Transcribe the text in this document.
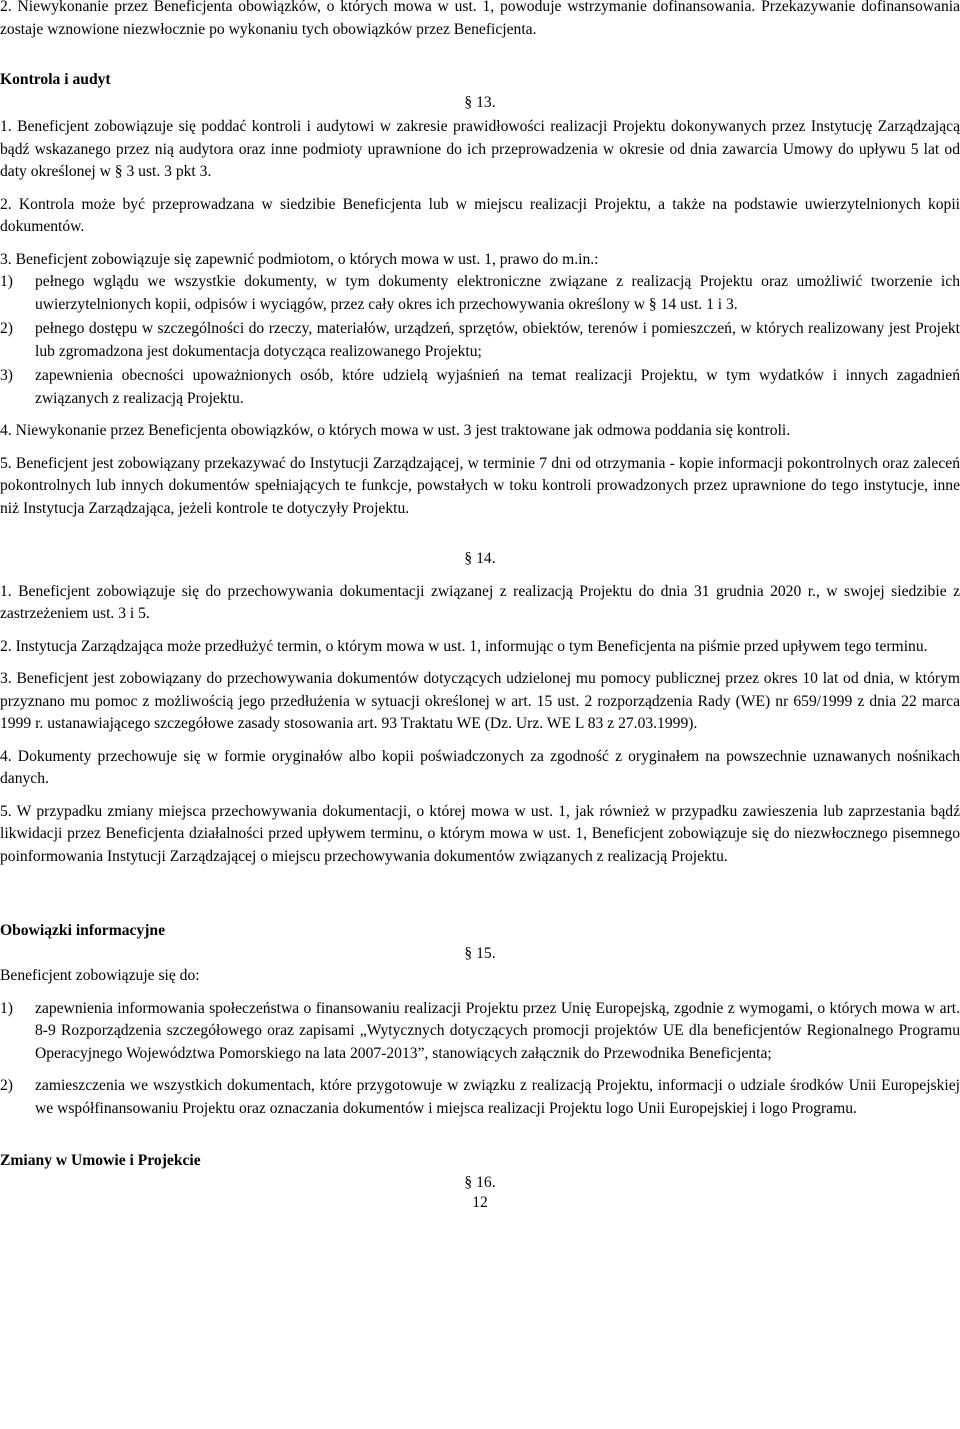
2. Niewykonanie przez Beneficjenta obowiązków, o których mowa w ust. 1, powoduje wstrzymanie dofinansowania. Przekazywanie dofinansowania zostaje wznowione niezwłocznie po wykonaniu tych obowiązków przez Beneficjenta.

Kontrola i audyt

§ 13.

1. Beneficjent zobowiązuje się poddać kontroli i audytowi w zakresie prawidłowości realizacji Projektu dokonywanych przez Instytucję Zarządzającą bądź wskazanego przez nią audytora oraz inne podmioty uprawnione do ich przeprowadzenia w okresie od dnia zawarcia Umowy do upływu 5 lat od daty określonej w § 3 ust. 3 pkt 3.

2. Kontrola może być przeprowadzana w siedzibie Beneficjenta lub w miejscu realizacji Projektu, a także na podstawie uwierzytelnionych kopii dokumentów.

3. Beneficjent zobowiązuje się zapewnić podmiotom, o których mowa w ust. 1, prawo do m.in.:

1)	pełnego wglądu we wszystkie dokumenty, w tym dokumenty elektroniczne związane z realizacją Projektu oraz umożliwić tworzenie ich uwierzytelnionych kopii, odpisów i wyciągów, przez cały okres ich przechowywania określony w § 14 ust. 1 i 3.
2)	pełnego dostępu w szczególności do rzeczy, materiałów, urządzeń, sprzętów, obiektów, terenów i pomieszczeń, w których realizowany jest Projekt lub zgromadzona jest dokumentacja dotycząca realizowanego Projektu;
3)	zapewnienia obecności upoważnionych osób, które udzielą wyjaśnień na temat realizacji Projektu, w tym wydatków i innych zagadnień związanych z realizacją Projektu.

4. Niewykonanie przez Beneficjenta obowiązków, o których mowa w ust. 3 jest traktowane jak odmowa poddania się kontroli.

5. Beneficjent jest zobowiązany przekazywać do Instytucji Zarządzającej, w terminie 7 dni od otrzymania - kopie informacji pokontrolnych oraz zaleceń pokontrolnych lub innych dokumentów spełniających te funkcje, powstałych w toku kontroli prowadzonych przez uprawnione do tego instytucje, inne niż Instytucja Zarządzająca, jeżeli kontrole te dotyczyły Projektu.

§ 14.

1. Beneficjent zobowiązuje się do przechowywania dokumentacji związanej z realizacją Projektu do dnia 31 grudnia 2020 r., w swojej siedzibie z zastrzeżeniem ust. 3 i 5.

2. Instytucja Zarządzająca może przedłużyć termin, o którym mowa w ust. 1, informując o tym Beneficjenta na piśmie przed upływem tego terminu.

3. Beneficjent jest zobowiązany do przechowywania dokumentów dotyczących udzielonej mu pomocy publicznej przez okres 10 lat od dnia, w którym przyznano mu pomoc z możliwością jego przedłużenia w sytuacji określonej w art. 15 ust. 2 rozporządzenia Rady (WE) nr 659/1999 z dnia 22 marca 1999 r. ustanawiającego szczegółowe zasady stosowania art. 93 Traktatu WE (Dz. Urz. WE L 83 z 27.03.1999).

4. Dokumenty przechowuje się w formie oryginałów albo kopii poświadczonych za zgodność z oryginałem na powszechnie uznawanych nośnikach danych.

5. W przypadku zmiany miejsca przechowywania dokumentacji, o której mowa w ust. 1, jak również w przypadku zawieszenia lub zaprzestania bądź likwidacji przez Beneficjenta działalności przed upływem terminu, o którym mowa w ust. 1, Beneficjent zobowiązuje się do niezwłocznego pisemnego poinformowania Instytucji Zarządzającej o miejscu przechowywania dokumentów związanych z realizacją Projektu.

Obowiązki informacyjne

§ 15.

Beneficjent zobowiązuje się do:

1)	zapewnienia informowania społeczeństwa o finansowaniu realizacji Projektu przez Unię Europejską, zgodnie z wymogami, o których mowa w art. 8-9 Rozporządzenia szczegółowego oraz zapisami „Wytycznych dotyczących promocji projektów UE dla beneficjentów Regionalnego Programu Operacyjnego Województwa Pomorskiego na lata 2007-2013”, stanowiących załącznik do Przewodnika Beneficjenta;
2)	zamieszczenia we wszystkich dokumentach, które przygotowuje w związku z realizacją Projektu, informacji o udziale środków Unii Europejskiej we współfinansowaniu Projektu oraz oznaczania dokumentów i miejsca realizacji Projektu logo Unii Europejskiej i logo Programu.

Zmiany w Umowie i Projekcie

§ 16.

12
